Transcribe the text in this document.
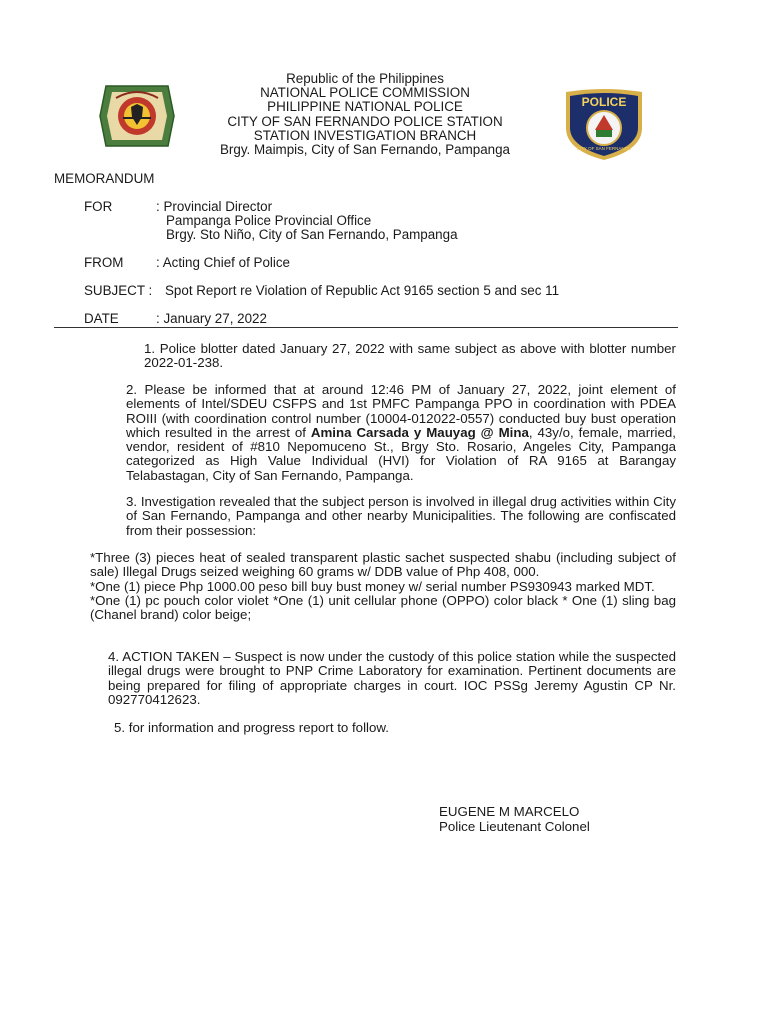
POLICE
CITY OF SAN FERNANDO
Republic of the Philippines
NATIONAL POLICE COMMISSION
PHILIPPINE NATIONAL POLICE
CITY OF SAN FERNANDO POLICE STATION
STATION INVESTIGATION BRANCH
Brgy. Maimpis, City of San Fernando, Pampanga
MEMORANDUM
FOR	: Provincial Director
Pampanga Police Provincial Office
Brgy. Sto Niño, City of San Fernando, Pampanga
FROM : Acting Chief of Police
SUBJECT : Spot Report re Violation of Republic Act 9165 section 5 and sec 11
DATE	: January 27, 2022
1. Police blotter dated January 27, 2022 with same subject as above with blotter number 2022-01-238.
2. Please be informed that at around 12:46 PM of January 27, 2022, joint element of elements of Intel/SDEU CSFPS and 1st PMFC Pampanga PPO in coordination with PDEA ROIII (with coordination control number (10004-012022-0557) conducted buy bust operation which resulted in the arrest of Amina Carsada y Mauyag @ Mina, 43y/o, female, married, vendor, resident of #810 Nepomuceno St., Brgy Sto. Rosario, Angeles City, Pampanga categorized as High Value Individual (HVI) for Violation of RA 9165 at Barangay Telabastagan, City of San Fernando, Pampanga.
3. Investigation revealed that the subject person is involved in illegal drug activities within City of San Fernando, Pampanga and other nearby Municipalities. The following are confiscated from their possession:
*Three (3) pieces heat of sealed transparent plastic sachet suspected shabu (including subject of sale) Illegal Drugs seized weighing 60 grams w/ DDB value of Php 408, 000.
*One (1) piece Php 1000.00 peso bill buy bust money w/ serial number PS930943 marked MDT.
*One (1) pc pouch color violet *One (1) unit cellular phone (OPPO) color black * One (1) sling bag (Chanel brand) color beige;
4. ACTION TAKEN – Suspect is now under the custody of this police station while the suspected illegal drugs were brought to PNP Crime Laboratory for examination. Pertinent documents are being prepared for filing of appropriate charges in court. IOC PSSg Jeremy Agustin CP Nr. 092770412623.
5. for information and progress report to follow.
EUGENE M MARCELO
Police Lieutenant Colonel
